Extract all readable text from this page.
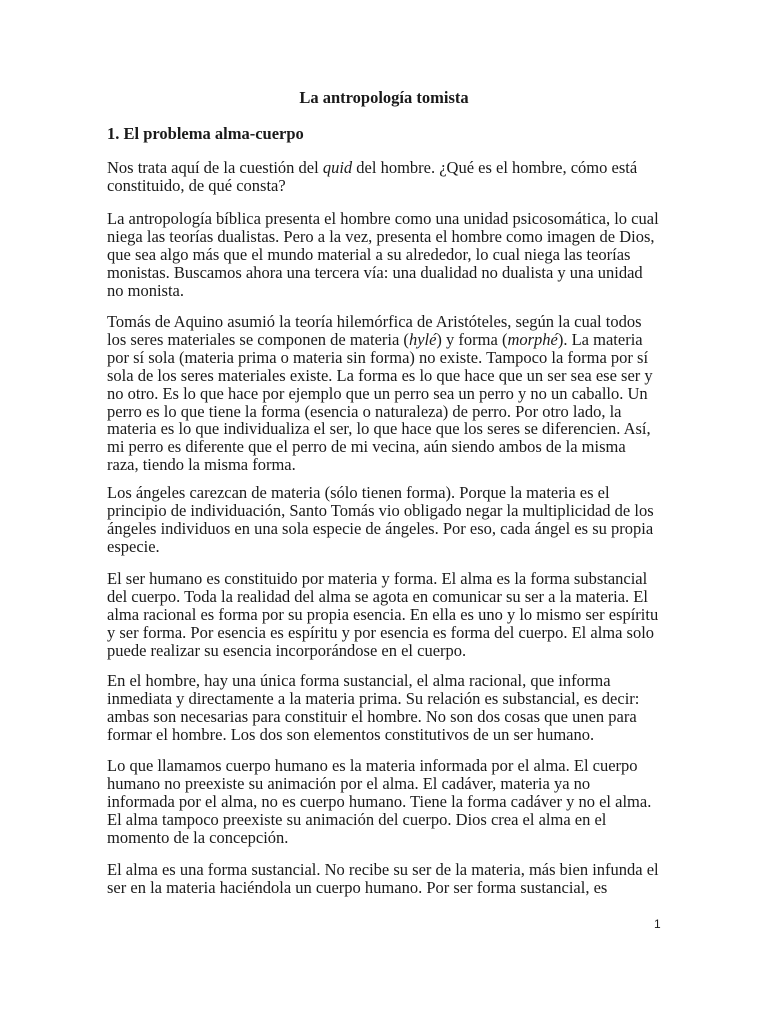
La antropología tomista
1. El problema alma-cuerpo

Nos trata aquí de la cuestión del quid del hombre. ¿Qué es el hombre, cómo está
constituido, de qué consta?

La antropología bíblica presenta el hombre como una unidad psicosomática, lo cual
niega las teorías dualistas. Pero a la vez, presenta el hombre como imagen de Dios,
que sea algo más que el mundo material a su alrededor, lo cual niega las teorías
monistas. Buscamos ahora una tercera vía: una dualidad no dualista y una unidad
no monista.

Tomás de Aquino asumió la teoría hilemórfica de Aristóteles, según la cual todos
los seres materiales se componen de materia (hylé) y forma (morphé). La materia
por sí sola (materia prima o materia sin forma) no existe. Tampoco la forma por sí
sola de los seres materiales existe. La forma es lo que hace que un ser sea ese ser y
no otro. Es lo que hace por ejemplo que un perro sea un perro y no un caballo. Un
perro es lo que tiene la forma (esencia o naturaleza) de perro. Por otro lado, la
materia es lo que individualiza el ser, lo que hace que los seres se diferencien. Así,
mi perro es diferente que el perro de mi vecina, aún siendo ambos de la misma
raza, tiendo la misma forma.

Los ángeles carezcan de materia (sólo tienen forma). Porque la materia es el
principio de individuación, Santo Tomás vio obligado negar la multiplicidad de los
ángeles individuos en una sola especie de ángeles. Por eso, cada ángel es su propia
especie.

El ser humano es constituido por materia y forma. El alma es la forma substancial
del cuerpo. Toda la realidad del alma se agota en comunicar su ser a la materia. El
alma racional es forma por su propia esencia. En ella es uno y lo mismo ser espíritu
y ser forma. Por esencia es espíritu y por esencia es forma del cuerpo. El alma solo
puede realizar su esencia incorporándose en el cuerpo.

En el hombre, hay una única forma sustancial, el alma racional, que informa
inmediata y directamente a la materia prima. Su relación es substancial, es decir:
ambas son necesarias para constituir el hombre. No son dos cosas que unen para
formar el hombre. Los dos son elementos constitutivos de un ser humano.

Lo que llamamos cuerpo humano es la materia informada por el alma. El cuerpo
humano no preexiste su animación por el alma. El cadáver, materia ya no
informada por el alma, no es cuerpo humano. Tiene la forma cadáver y no el alma.
El alma tampoco preexiste su animación del cuerpo. Dios crea el alma en el
momento de la concepción.

El alma es una forma sustancial. No recibe su ser de la materia, más bien infunda el
ser en la materia haciéndola un cuerpo humano. Por ser forma sustancial, es

1
